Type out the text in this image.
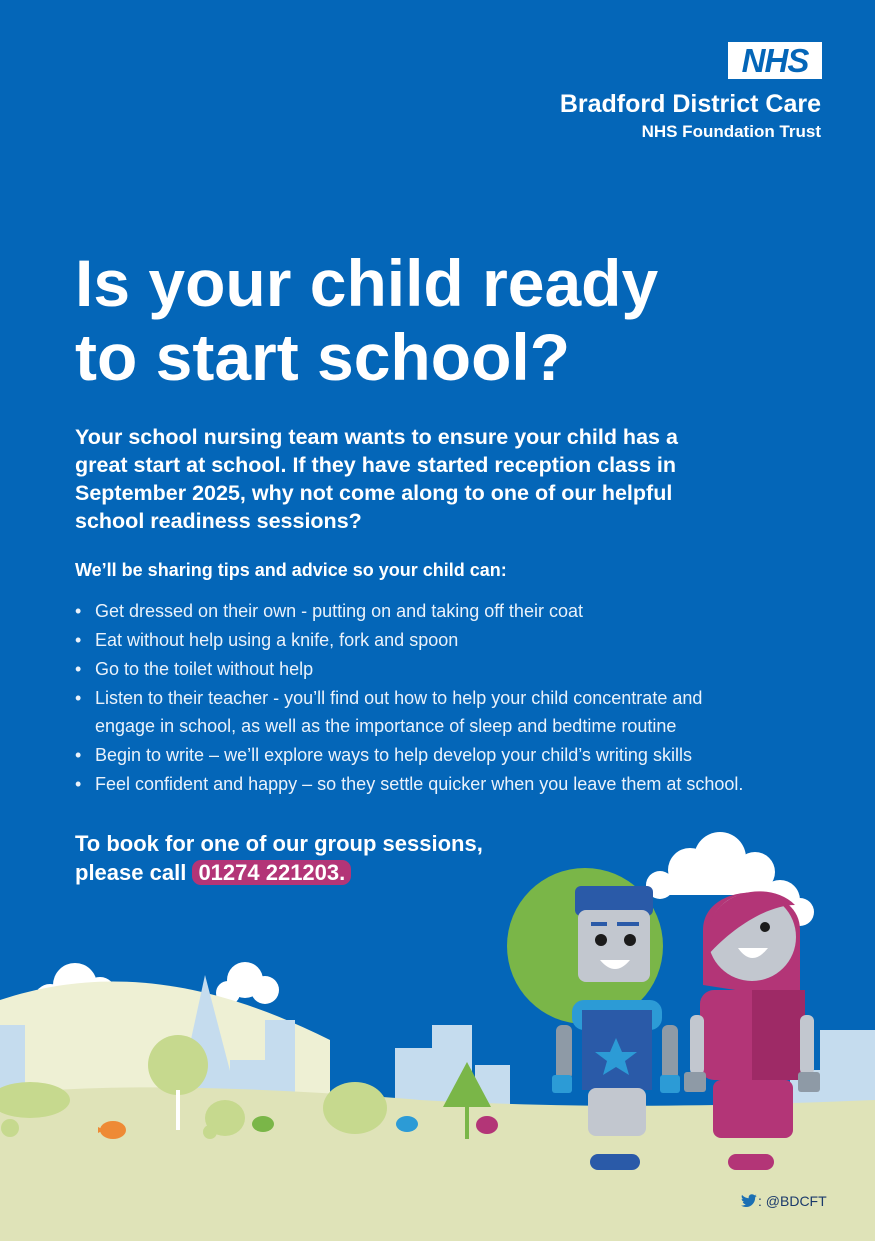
NHS
Bradford District Care
NHS Foundation Trust
Is your child ready
to start school?
Your school nursing team wants to ensure your child has a
great start at school. If they have started reception class in
September 2025, why not come along to one of our helpful
school readiness sessions?
We’ll be sharing tips and advice so your child can:
• Get dressed on their own - putting on and taking off their coat
• Eat without help using a knife, fork and spoon
• Go to the toilet without help
• Listen to their teacher - you’ll find out how to help your child concentrate and
engage in school, as well as the importance of sleep and bedtime routine
• Begin to write – we’ll explore ways to help develop your child’s writing skills
• Feel confident and happy – so they settle quicker when you leave them at school.
To book for one of our group sessions,
please call 01274 221203.
: @BDCFT
